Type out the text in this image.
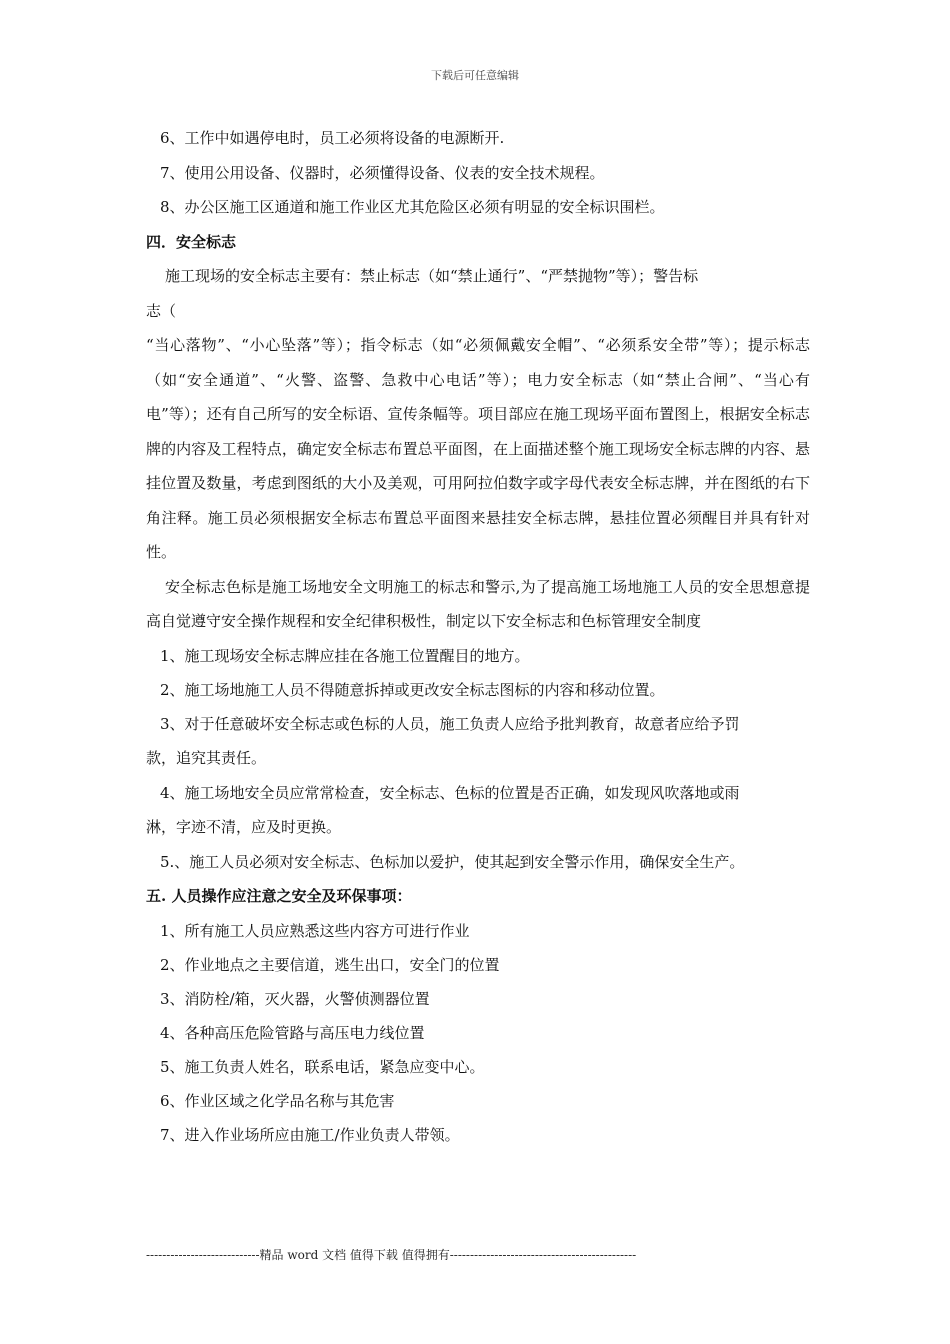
下载后可任意编辑

6、工作中如遇停电时，员工必须将设备的电源断开.

7、使用公用设备、仪器时，必须懂得设备、仪表的安全技术规程。

8、办公区施工区通道和施工作业区尤其危险区必须有明显的安全标识围栏。

四．安全标志

施工现场的安全标志主要有：禁止标志（如“禁止通行”、“严禁抛物”等）；警告标

志（

“当心落物”、“小心坠落”等）；指令标志（如“必须佩戴安全帽”、“必须系安全带”等）；提示标志（如“安全通道”、“火警、盗警、急救中心电话”等）；电力安全标志（如“禁止合闸”、“当心有电”等）；还有自己所写的安全标语、宣传条幅等。项目部应在施工现场平面布置图上，根据安全标志牌的内容及工程特点，确定安全标志布置总平面图，在上面描述整个施工现场安全标志牌的内容、悬挂位置及数量，考虑到图纸的大小及美观，可用阿拉伯数字或字母代表安全标志牌，并在图纸的右下角注释。施工员必须根据安全标志布置总平面图来悬挂安全标志牌，悬挂位置必须醒目并具有针对性。

安全标志色标是施工场地安全文明施工的标志和警示,为了提高施工场地施工人员的安全思想意提高自觉遵守安全操作规程和安全纪律积极性，制定以下安全标志和色标管理安全制度

1、施工现场安全标志牌应挂在各施工位置醒目的地方。

2、施工场地施工人员不得随意拆掉或更改安全标志图标的内容和移动位置。

3、对于任意破坏安全标志或色标的人员，施工负责人应给予批判教育，故意者应给予罚

款，追究其责任。

4、施工场地安全员应常常检查，安全标志、色标的位置是否正确，如发现风吹落地或雨

淋，字迹不清，应及时更换。

5.、施工人员必须对安全标志、色标加以爱护，使其起到安全警示作用，确保安全生产。

五. 人员操作应注意之安全及环保事项：

1、所有施工人员应熟悉这些内容方可进行作业

2、作业地点之主要信道，逃生出口，安全门的位置

3、消防栓/箱，灭火器，火警侦测器位置

4、各种高压危险管路与高压电力线位置

5、施工负责人姓名，联系电话，紧急应变中心。

6、作业区域之化学品名称与其危害

7、进入作业场所应由施工/作业负责人带领。

----------------------------精品 word 文档 值得下载 值得拥有----------------------------------------------
